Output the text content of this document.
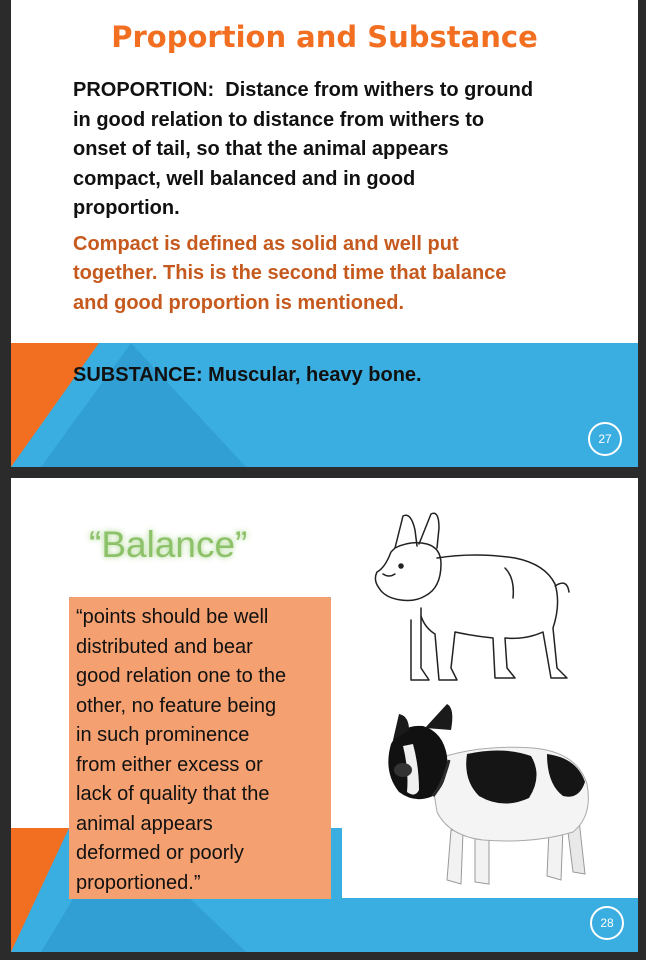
Proportion and Substance
PROPORTION: Distance from withers to ground
in good relation to distance from withers to
onset of tail, so that the animal appears
compact, well balanced and in good
proportion.
Compact is defined as solid and well put
together. This is the second time that balance
and good proportion is mentioned.
SUBSTANCE: Muscular, heavy bone.
27
“Balance”
“points should be well
distributed and bear
good relation one to the
other, no feature being
in such prominence
from either excess or
lack of quality that the
animal appears
deformed or poorly
proportioned.”
28
